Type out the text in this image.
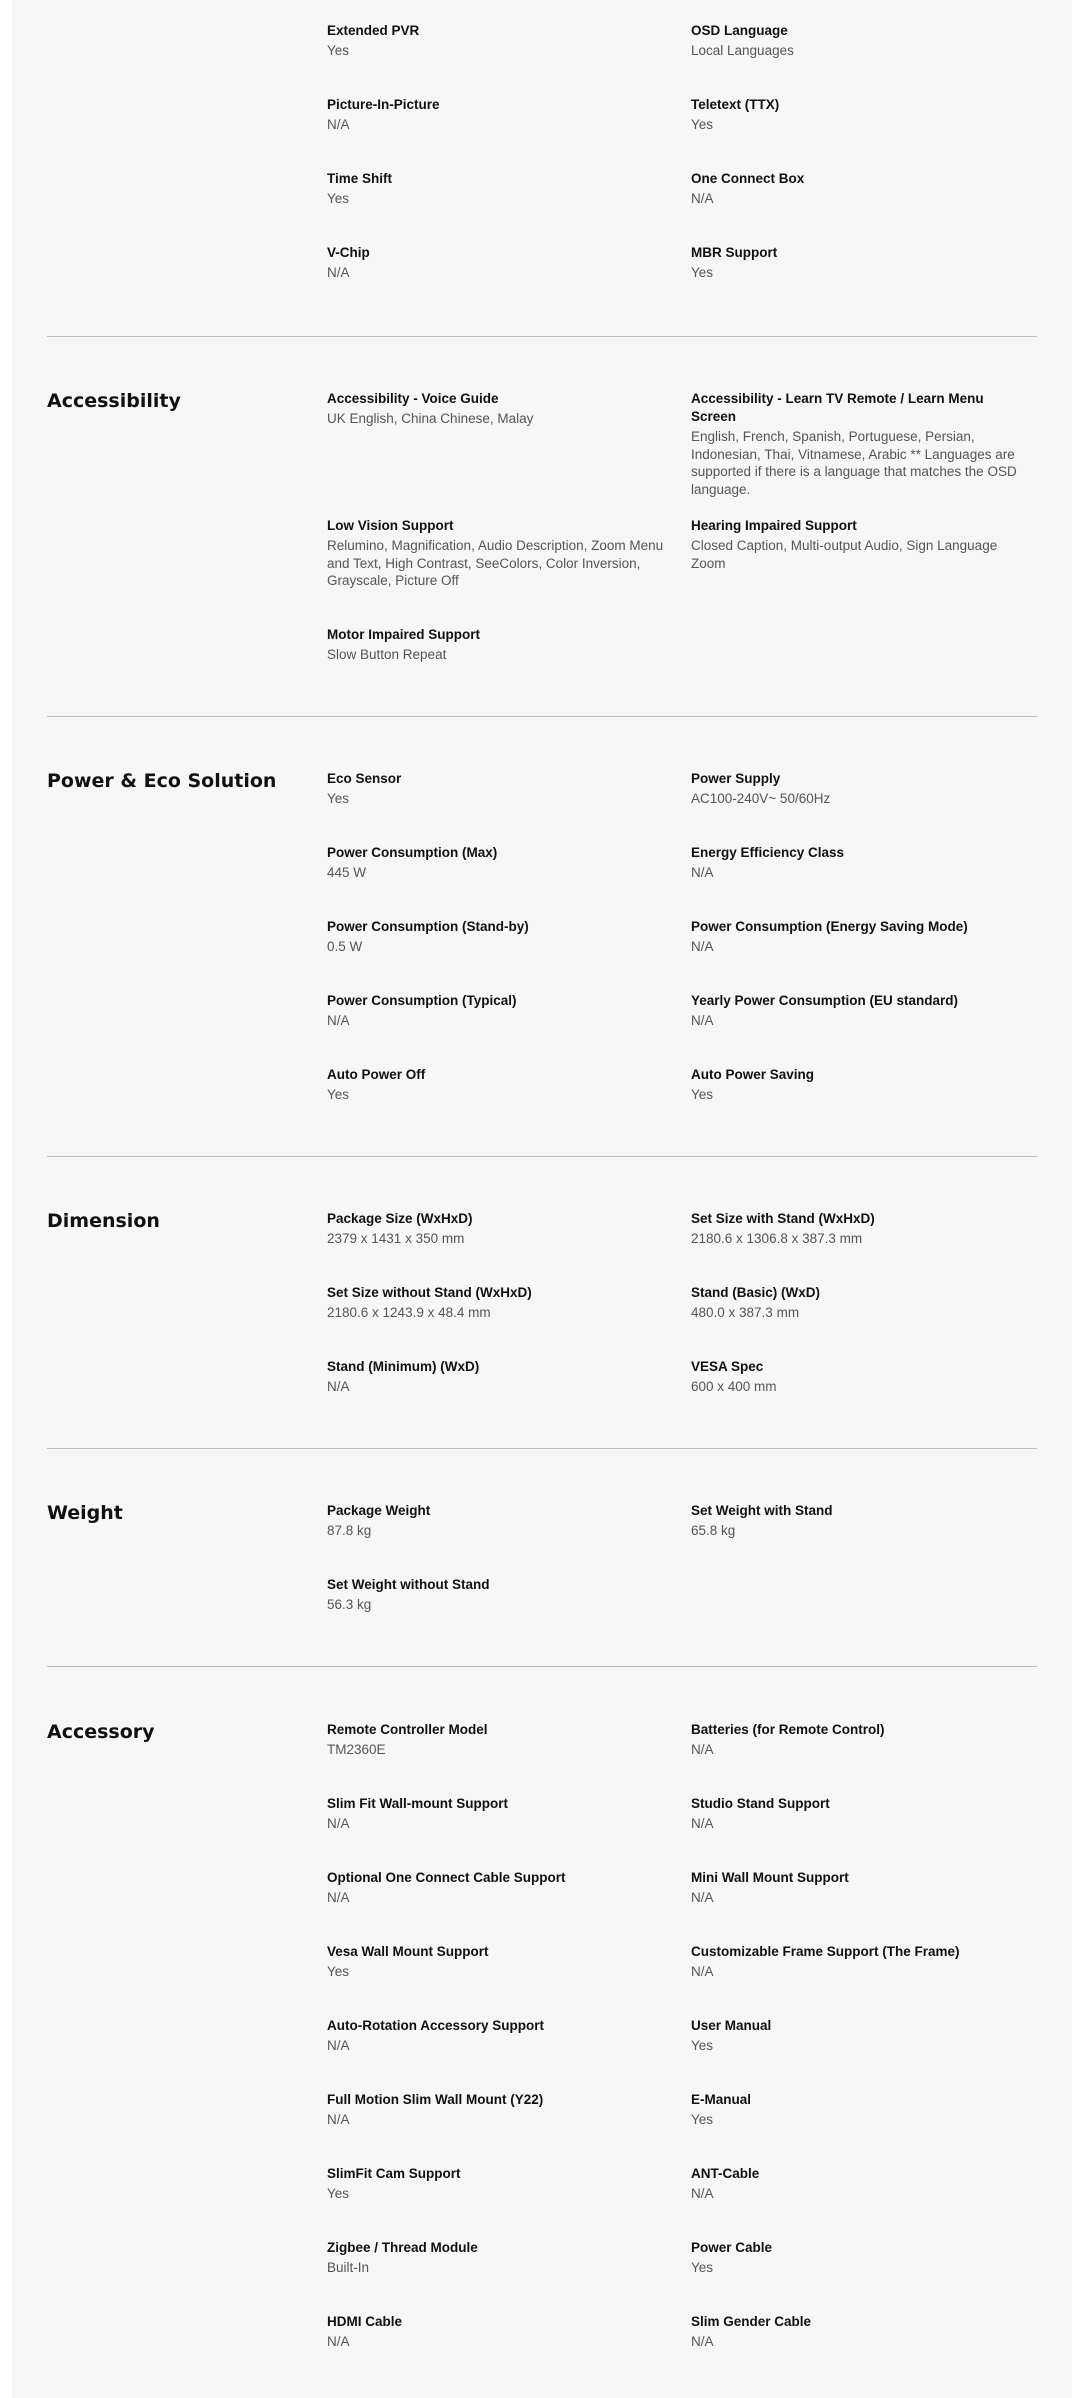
Extended PVR
Yes
OSD Language
Local Languages
Picture-In-Picture
N/A
Teletext (TTX)
Yes
Time Shift
Yes
One Connect Box
N/A
V-Chip
N/A
MBR Support
Yes
Accessibility	Accessibility - Voice Guide
UK English, China Chinese, Malay
Accessibility - Learn TV Remote / Learn Menu Screen
English, French, Spanish, Portuguese, Persian, Indonesian, Thai, Vitnamese, Arabic ** Languages are supported if there is a language that matches the OSD language.
Low Vision Support
Relumino, Magnification, Audio Description, Zoom Menu and Text, High Contrast, SeeColors, Color Inversion, Grayscale, Picture Off
Hearing Impaired Support
Closed Caption, Multi-output Audio, Sign Language Zoom
Motor Impaired Support
Slow Button Repeat
Power & Eco Solution	Eco Sensor
Yes
Power Supply
AC100-240V~ 50/60Hz
Power Consumption (Max)
445 W
Energy Efficiency Class
N/A
Power Consumption (Stand-by)
0.5 W
Power Consumption (Energy Saving Mode)
N/A
Power Consumption (Typical)
N/A
Yearly Power Consumption (EU standard)
N/A
Auto Power Off
Yes
Auto Power Saving
Yes
Dimension	Package Size (WxHxD)
2379 x 1431 x 350 mm
Set Size with Stand (WxHxD)
2180.6 x 1306.8 x 387.3 mm
Set Size without Stand (WxHxD)
2180.6 x 1243.9 x 48.4 mm
Stand (Basic) (WxD)
480.0 x 387.3 mm
Stand (Minimum) (WxD)
N/A
VESA Spec
600 x 400 mm
Weight	Package Weight
87.8 kg
Set Weight with Stand
65.8 kg
Set Weight without Stand
56.3 kg
Accessory	Remote Controller Model
TM2360E
Batteries (for Remote Control)
N/A
Slim Fit Wall-mount Support
N/A
Studio Stand Support
N/A
Optional One Connect Cable Support
N/A
Mini Wall Mount Support
N/A
Vesa Wall Mount Support
Yes
Customizable Frame Support (The Frame)
N/A
Auto-Rotation Accessory Support
N/A
User Manual
Yes
Full Motion Slim Wall Mount (Y22)
N/A
E-Manual
Yes
SlimFit Cam Support
Yes
ANT-Cable
N/A
Zigbee / Thread Module
Built-In
Power Cable
Yes
HDMI Cable
N/A
Slim Gender Cable
N/A
